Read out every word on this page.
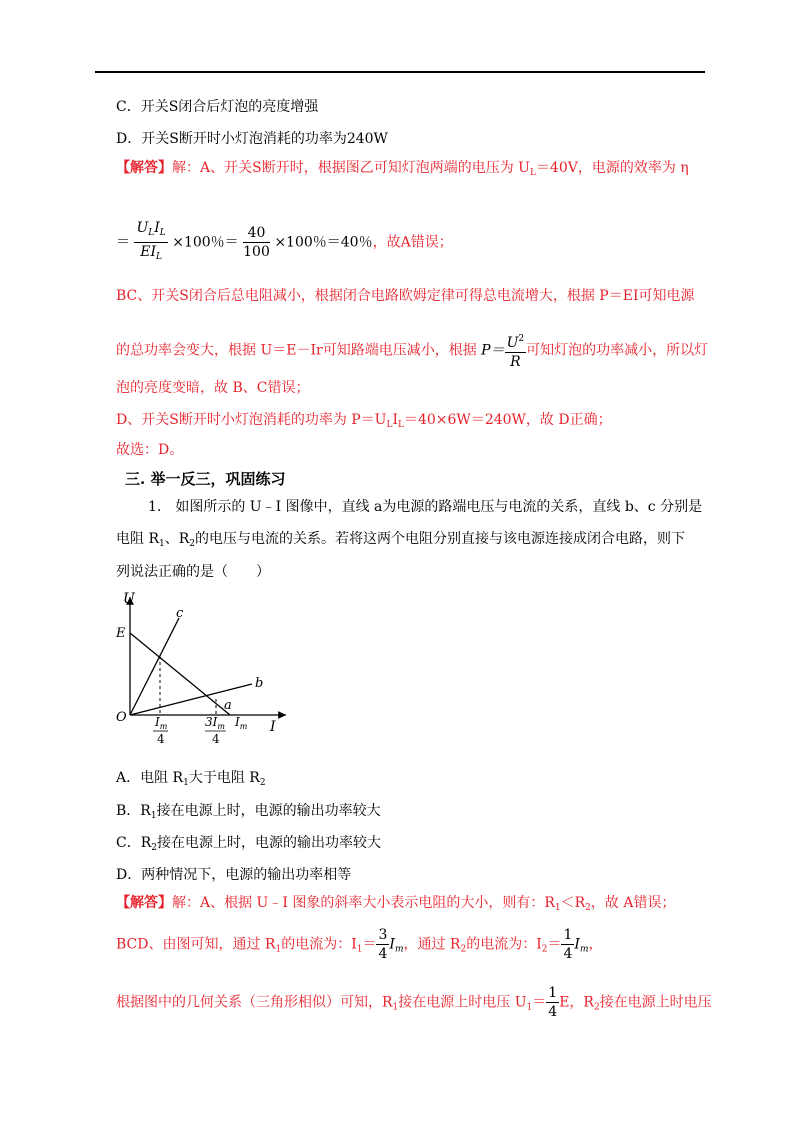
C．开关S闭合后灯泡的亮度增强
D．开关S断开时小灯泡消耗的功率为240W
【解答】解：A、开关S断开时，根据图乙可知灯泡两端的电压为 $U_L=40V$，电源的效率为 η
＝ $\frac{U_LI_L}{EI_L} \times 100$％＝ $\frac{40}{100} \times 100$％＝40％，故A错误；
BC、开关S闭合后总电阻减小，根据闭合电路欧姆定律可得总电流增大，根据 P＝EI可知电源
的总功率会变大，根据 U＝E－Ir可知路端电压减小，根据 $P= \frac{U^2}{R}$ 可知灯泡的功率减小，所以灯
泡的亮度变暗，故 B、C错误；
D、开关S断开时小灯泡消耗的功率为 $P=U_LI_L=40\times 6W=240W$，故 D正确；
故选：D。
三. 举一反三，巩固练习
1.　如图所示的 U﹣I 图像中，直线 a为电源的路端电压与电流的关系，直线 b、c 分别是
电阻 $R_1$、$R_2$的电压与电流的关系。若将这两个电阻分别直接与该电源连接成闭合电路，则下
列说法正确的是（　　）
U
I
O
E
a
b
c
$I_m$
4
$3I_m$
4
$I_m$
A．电阻 $R_1$大于电阻 $R_2$
B．$R_1$接在电源上时，电源的输出功率较大
C．$R_2$接在电源上时，电源的输出功率较大
D．两种情况下，电源的输出功率相等
【解答】解：A、根据 U﹣I 图象的斜率大小表示电阻的大小，则有：$R_1<R_2$，故 A错误；
BCD、由图可知，通过 $R_1$的电流为：$I_1= \frac{3}{4} I_m$，通过 $R_2$的电流为：$I_2= \frac{1}{4} I_m$，
根据图中的几何关系（三角形相似）可知，$R_1$接在电源上时电压 $U_1= \frac{1}{4}$ E，$R_2$接在电源上时电压
